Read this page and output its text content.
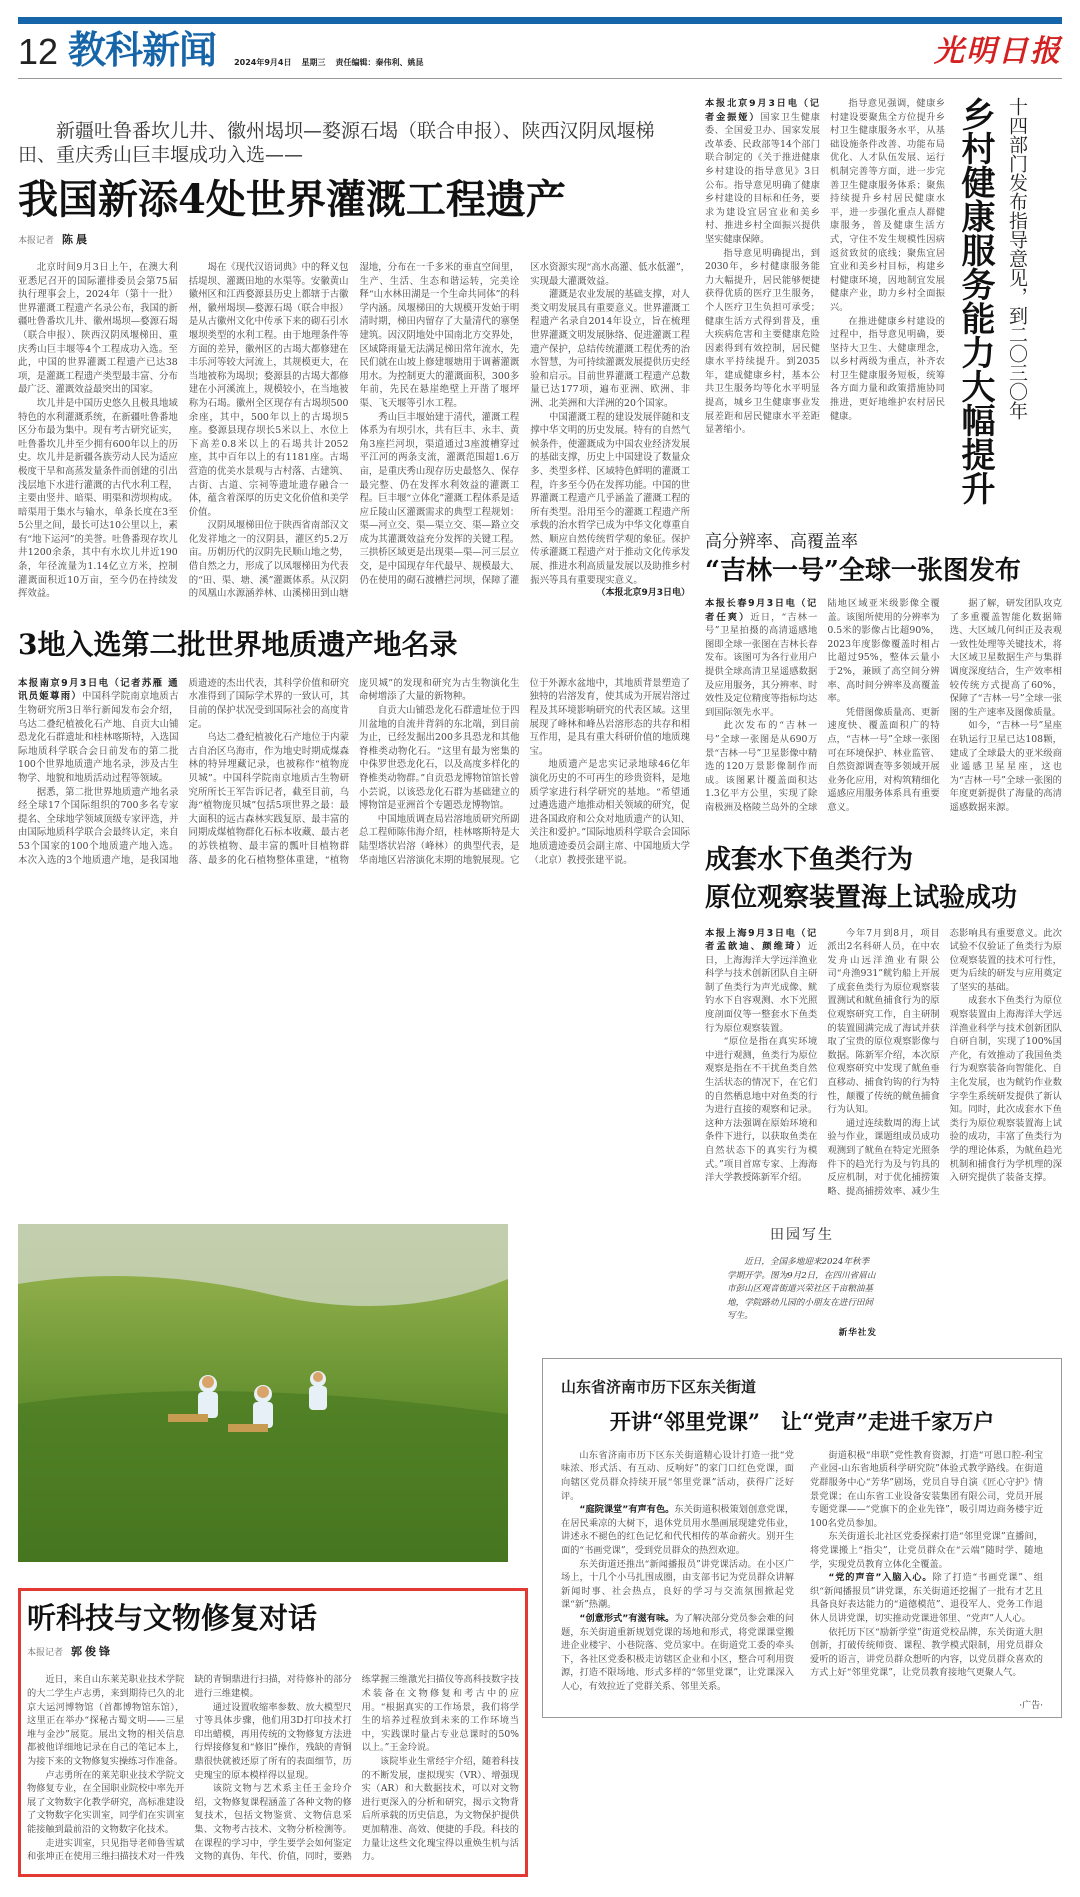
12 教科新闻 2024年9月4日 星期三 责任编辑：秦伟利、姚昆	光明日报
新疆吐鲁番坎儿井、徽州堨坝—婺源石堨（联合申报）、陕西汉阴凤堰梯田、重庆秀山巨丰堰成功入选——
我国新添4处世界灌溉工程遗产
本报记者 陈晨

北京时间9月3日上午，在澳大利亚悉尼召开的国际灌排委员会第75届执行理事会上，2024年（第十一批）世界灌溉工程遗产名录公布，我国的新疆吐鲁番坎儿井、徽州堨坝—婺源石堨（联合申报）、陕西汉阴凤堰梯田、重庆秀山巨丰堰等4个工程成功入选。至此，中国的世界灌溉工程遗产已达38项，是灌溉工程遗产类型最丰富、分布最广泛、灌溉效益最突出的国家。

坎儿井是中国历史悠久且极具地域特色的水利灌溉系统，在新疆吐鲁番地区分布最为集中。现有考古研究证实，吐鲁番坎儿井至少拥有600年以上的历史。坎儿井是新疆各族劳动人民为适应极度干旱和高蒸发量条件而创建的引出浅层地下水进行灌溉的古代水利工程，主要由竖井、暗渠、明渠和涝坝构成。暗渠用于集水与输水，单条长度在3至5公里之间，最长可达10公里以上，素有“地下运河”的美誉。吐鲁番现存坎儿井1200余条，其中有水坎儿井近190条，年径流量为1.14亿立方米，控制灌溉面积近10万亩，至今仍在持续发挥效益。

堨在《现代汉语词典》中的释义包括堤坝、灌溉田地的水渠等。安徽黄山徽州区和江西婺源县历史上都辖于古徽州，徽州堨坝—婺源石堨（联合申报）是从古徽州文化中传承下来的砌石引水堰坝类型的水利工程。由于地理条件等方面的差异，徽州区的古堨大都修建在丰乐河等较大河流上，其规模更大，在当地被称为堨坝；婺源县的古堨大都修建在小河溪流上，规模较小，在当地被称为石堨。徽州全区现存有古堨坝500余座，其中，500年以上的古堨坝5座。婺源县现存坝长5米以上、水位上下高差0.8米以上的石堨共计2052座，其中百年以上的有1181座。古堨营造的优美水景观与古村落、古建筑、古街、古道、宗祠等遗址遗存融合一体，蕴含着深厚的历史文化价值和美学价值。

汉阴凤堰梯田位于陕西省南部汉文化发祥地之一的汉阴县，灌区约5.2万亩。历朝历代的汉阴先民顺山地之势，借自然之力，形成了以凤堰梯田为代表的“田、渠、塘、溪”灌溉体系。从汉阴的凤凰山水源涵养林、山溪梯田到山塘湿地，分布在一千多米的垂直空间里，生产、生活、生态和谐运转，完美诠释“山水林田湖是一个生命共同体”的科学内涵。凤堰梯田的大规模开发始于明清时期，梯田内留存了大量清代的寨堡建筑。因汉阴地处中国南北方交界处，区域降雨量无法满足梯田常年流水，先民们就在山坡上修建堰塘用于调蓄灌溉用水。为控制更大的灌溉面积，300多年前，先民在悬崖绝壁上开凿了堰坪渠、飞天堰等引水工程。

秀山巨丰堰始建于清代，灌溉工程体系为有坝引水，共有巨丰、永丰、黄角3座拦河坝，渠道通过3座渡槽穿过平江河的两条支流，灌溉范围超1.6万亩，是重庆秀山现存历史最悠久、保存最完整、仍在发挥水利效益的灌溉工程。巨丰堰“立体化”灌溉工程体系是适应丘陵山区灌溉需求的典型工程规划：渠—河立交、渠—渠立交、渠—路立交成为其灌溉效益充分发挥的关键工程。三拱桥区域更是出现渠—渠—河三层立交，是中国现存年代最早、规模最大、仍在使用的砌石渡槽拦河坝，保障了灌区水资源实现“高水高灌、低水低灌”，实现最大灌溉效益。

灌溉是农业发展的基础支撑，对人类文明发展具有重要意义。世界灌溉工程遗产名录自2014年设立，旨在梳理世界灌溉文明发展脉络、促进灌溉工程遗产保护，总结传统灌溉工程优秀的治水智慧，为可持续灌溉发展提供历史经验和启示。目前世界灌溉工程遗产总数量已达177项，遍布亚洲、欧洲、非洲、北美洲和大洋洲的20个国家。

中国灌溉工程的建设发展伴随和支撑中华文明的历史发展。特有的自然气候条件，使灌溉成为中国农业经济发展的基础支撑，历史上中国建设了数量众多、类型多样、区域特色鲜明的灌溉工程，许多至今仍在发挥功能。中国的世界灌溉工程遗产几乎涵盖了灌溉工程的所有类型。沿用至今的灌溉工程遗产所承载的治水哲学已成为中华文化尊重自然、顺应自然传统哲学观的象征。保护传承灌溉工程遗产对于推动文化传承发展、推进水利高质量发展以及助推乡村振兴等具有重要现实意义。

（本报北京9月3日电）

3地入选第二批世界地质遗产地名录

本报南京9月3日电（记者苏雁 通讯员姬尊雨）中国科学院南京地质古生物研究所3日举行新闻发布会介绍，乌达二叠纪植被化石产地、自贡大山铺恐龙化石群遗址和桂林喀斯特，入选国际地质科学联合会日前发布的第二批100个世界地质遗产地名录，涉及古生物学、地貌和地质活动过程等领域。

据悉，第二批世界地质遗产地名录经全球17个国际组织的700多名专家提名、全球地学领域顶级专家评选，并由国际地质科学联合会最终认定，来自53个国家的100个地质遗产地入选。本次入选的3个地质遗产地，是我国地质遗迹的杰出代表，其科学价值和研究水准得到了国际学术界的一致认可，其目前的保护状况受到国际社会的高度肯定。

乌达二叠纪植被化石产地位于内蒙古自治区乌海市，作为地史时期成煤森林的特异埋藏记录，也被称作“植物庞贝城”。中国科学院南京地质古生物研究所所长王军告诉记者，截至目前，乌海“植物庞贝城”包括5项世界之最：最大面积的远古森林实践复原、最丰富的同期成煤植物群化石标本收藏、最古老的苏铁植物、最丰富的瓢叶目植物群落、最多的化石植物整体重建，“植物庞贝城”的发现和研究为古生物演化生命树增添了大量的新物种。

自贡大山铺恐龙化石群遗址位于四川盆地的自流井背斜的东北端，到目前为止，已经发掘出200多具恐龙和其他脊椎类动物化石。“这里有最为密集的中侏罗世恐龙化石，以及高度多样化的脊椎类动物群。”自贡恐龙博物馆馆长曾小芸说，以该恐龙化石群为基础建立的博物馆是亚洲首个专题恐龙博物馆。

中国地质调查局岩溶地质研究所副总工程师陈伟海介绍，桂林喀斯特是大陆型塔状岩溶（峰林）的典型代表，是华南地区岩溶演化末期的地貌展现。它位于外源水盆地中，其地质背景塑造了独特的岩溶发育，使其成为开展岩溶过程及其环境影响研究的代表区域。这里展现了峰林和峰丛岩溶形态的共存和相互作用，是具有重大科研价值的地质瑰宝。

地质遗产是忠实记录地球46亿年演化历史的不可再生的珍贵资料，是地质学家进行科学研究的基地。“希望通过遴选遗产地推动相关领域的研究，促进各国政府和公众对地质遗产的认知、关注和爱护。”国际地质科学联合会国际地质遗迹委员会副主席、中国地质大学（北京）教授张建平说。

本报北京9月3日电（记者金振娅）国家卫生健康委、全国爱卫办、国家发展改革委、民政部等14个部门联合制定的《关于推进健康乡村建设的指导意见》3日公布。指导意见明确了健康乡村建设的目标和任务，要求为建设宜居宜业和美乡村、推进乡村全面振兴提供坚实健康保障。

指导意见明确提出，到2030年，乡村健康服务能力大幅提升，居民能够便捷获得优质的医疗卫生服务，个人医疗卫生负担可承受；健康生活方式得到普及，重大疾病危害和主要健康危险因素得到有效控制，居民健康水平持续提升。到2035年，建成健康乡村，基本公共卫生服务均等化水平明显提高，城乡卫生健康事业发展差距和居民健康水平差距显著缩小。

指导意见强调，健康乡村建设要聚焦全方位提升乡村卫生健康服务水平，从基础设施条件改善、功能布局优化、人才队伍发展、运行机制完善等方面，进一步完善卫生健康服务体系；聚焦持续提升乡村居民健康水平，进一步强化重点人群健康服务，普及健康生活方式，守住不发生规模性因病返贫致贫的底线；聚焦宜居宜业和美乡村目标，构建乡村健康环境，因地制宜发展健康产业，助力乡村全面振兴。

在推进健康乡村建设的过程中，指导意见明确，要坚持大卫生、大健康理念，以乡村两级为重点，补齐农村卫生健康服务短板，统筹各方面力量和政策措施协同推进，更好地维护农村居民健康。	乡村健康服务能力大幅提升 十四部门发布指导意见，到二〇三〇年
高分辨率、高覆盖率
“吉林一号”全球一张图发布

本报长春9月3日电（记者任爽）近日，“吉林一号”卫星拍摄的高清遥感地图即全球一张图在吉林长春发布。该图可为各行业用户提供全球高清卫星遥感数据及应用服务，其分辨率、时效性及定位精度等指标均达到国际领先水平。

此次发布的“吉林一号”全球一张图是从690万景“吉林一号”卫星影像中精选的120万景影像制作而成。该图累计覆盖面积达1.3亿平方公里，实现了除南极洲及格陵兰岛外的全球陆地区域亚米级影像全覆盖。该图所使用的分辨率为0.5米的影像占比超90%，2023年度影像覆盖时相占比超过95%，整体云量小于2%，兼顾了高空间分辨率、高时间分辨率及高覆盖率。

凭借图像质量高、更新速度快、覆盖面积广的特点，“吉林一号”全球一张图可在环境保护、林业监管、自然资源调查等多领域开展业务化应用，对构筑精细化遥感应用服务体系具有重要意义。

据了解，研发团队攻克了多重覆盖智能化数据筛选、大区域几何纠正及表观一致性处理等关键技术，将大区域卫星数据生产与集群调度深度结合，生产效率相较传统方式提高了60%，保障了“吉林一号”全球一张图的生产速率及图像质量。

如今，“吉林一号”星座在轨运行卫星已达108颗，建成了全球最大的亚米级商业遥感卫星星座，这也为“吉林一号”全球一张图的年度更新提供了海量的高清遥感数据来源。

成套水下鱼类行为
原位观察装置海上试验成功

本报上海9月3日电（记者孟歆迪、颜维琦）近日，上海海洋大学远洋渔业科学与技术创新团队自主研制了鱼类行为声光成像、鱿钓水下自容观测、水下光照度剖面仪等一整套水下鱼类行为原位观察装置。

“原位是指在真实环境中进行观测，鱼类行为原位观察是指在不干扰鱼类自然生活状态的情况下，在它们的自然栖息地中对鱼类的行为进行直接的观察和记录。这种方法强调在原始环境和条件下进行，以获取鱼类在自然状态下的真实行为模式。”项目首席专家、上海海洋大学教授陈新军介绍。

今年7月到8月，项目派出2名科研人员，在中农发舟山远洋渔业有限公司“舟渔931”鱿钓船上开展了成套鱼类行为原位观察装置测试和鱿鱼捕食行为的原位观察研究工作，自主研制的装置圆满完成了海试并获取了宝贵的原位观察影像与数据。陈新军介绍，本次原位观察研究中发现了鱿鱼垂直移动、捕食钓钩的行为特性，颠覆了传统的鱿鱼捕食行为认知。

通过连续数周的海上试验与作业，课题组成员成功观测到了鱿鱼在特定光照条件下的趋光行为及与钓具的反应机制，对于优化捕捞策略、提高捕捞效率、减少生态影响具有重要意义。此次试验不仅验证了鱼类行为原位观察装置的技术可行性，更为后续的研发与应用奠定了坚实的基础。

成套水下鱼类行为原位观察装置由上海海洋大学远洋渔业科学与技术创新团队自研自制，实现了100%国产化，有效推动了我国鱼类行为观察装备向智能化、自主化发展，也为鱿钓作业数字孪生系统研发提供了新认知。同时，此次成套水下鱼类行为原位观察装置海上试验的成功，丰富了鱼类行为学的理论体系，为鱿鱼趋光机制和捕食行为学机理的深入研究提供了装备支撑。

听科技与文物修复对话
本报记者 郭俊锋

近日，来自山东莱芜职业技术学院的大二学生卢志勇，来到期待已久的北京大运河博物馆（首都博物馆东馆），这里正在举办“探秘古蜀文明——三星堆与金沙”展览。展出文物的相关信息都被他详细地记录在自己的笔记本上，为接下来的文物修复实操练习作准备。

卢志勇所在的莱芜职业技术学院文物修复专业，在全国职业院校中率先开展了文物数字化教学研究，高标准建设了文物数字化实训室，同学们在实训室能接触到最前沿的文物数字化技术。

走进实训室，只见指导老师鲁雪斌和张坤正在使用三维扫描技术对一件残缺的青铜鼎进行扫描，对待修补的部分进行三维建模。

通过设置收缩率参数、放大模型尺寸等具体步骤，他们用3D打印技术打印出蜡模，再用传统的文物修复方法进行焊接修复和“修旧”操作，残缺的青铜鼎很快就被还原了所有的表面细节，历史瑰宝的原本模样得以显现。

该院文物与艺术系主任王金玲介绍，文物修复课程涵盖了各种文物的修复技术，包括文物鉴赏、文物信息采集、文物考古技术、文物分析检测等。在课程的学习中，学生要学会如何鉴定文物的真伪、年代、价值，同时，要熟练掌握三维激光扫描仪等高科技数字技术装备在文物修复和考古中的应用。“根据真实的工作场景，我们将学生的培养过程放到未来的工作环境当中，实践课时量占专业总课时的50%以上。”王金玲说。

该院毕业生常经宇介绍，随着科技的不断发展，虚拟现实（VR）、增强现实（AR）和大数据技术，可以对文物进行更深入的分析和研究，揭示文物背后所承载的历史信息，为文物保护提供更加精准、高效、便捷的手段。科技的力量让这些文化瑰宝得以重焕生机与活力。

田园写生
近日，全国多地迎来2024年秋季学期开学。图为9月2日，在四川省眉山市彭山区观音街道兴荣社区千亩粮油基地，学院路幼儿园的小朋友在进行田间写生。
新华社发
山东省济南市历下区东关街道
开讲“邻里党课”　让“党声”走进千家万户

山东省济南市历下区东关街道精心设计打造一批“党味浓、形式活、有互动、反响好”的家门口红色党课，面向辖区党员群众持续开展“邻里党课”活动，获得广泛好评。

“庭院课堂”有声有色。东关街道积极策划创意党课，在居民乘凉的大树下，退休党员用水墨画展现建党伟业，讲述永不褪色的红色记忆和代代相传的革命薪火。别开生面的“书画党课”，受到党员群众的热烈欢迎。

东关街道还推出“新闻播报员”讲党课活动。在小区广场上，十几个小马扎围成圈，由支部书记为党员群众讲解新闻时事、社会热点，良好的学习与交流氛围掀起党课“新”热潮。

“创意形式”有滋有味。为了解决部分党员参会难的问题，东关街道重新规划党课的场地和形式，将党课课堂搬进企业楼宇、小巷院落、党员家中。在街道党工委的牵头下，各社区党委积极走访辖区企业和小区，整合可利用资源，打造不限场地、形式多样的“邻里党课”，让党课深入人心，有效拉近了党群关系、邻里关系。

街道积极“串联”党性教育资源，打造“可恩口腔-利宝产业园-山东省地质科学研究院”体验式教学路线。在街道党群服务中心“芳华”剧场，党员自导自演《匠心守护》情景党课；在山东省工业设备安装集团有限公司，党员开展专题党课——“党旗下的企业先锋”，吸引周边商务楼宇近100名党员参加。

东关街道长北社区党委探索打造“邻里党课”直播间，将党课搬上“指尖”，让党员群众在“云端”随时学、随地学，实现党员教育立体化全覆盖。

“党的声音”入脑入心。除了打造“书画党课”、组织“新闻播报员”讲党课，东关街道还挖掘了一批有才艺且具备良好表达能力的“道德模范”、退役军人、党务工作退休人员讲党课，切实推动党课进邻里、“党声”人人心。

依托历下区“励新学堂”街道党校品牌，东关街道大胆创新，打破传统师资、课程、教学模式限制，用党员群众爱听的语言，讲党员群众想听的内容，以党员群众喜欢的方式上好“邻里党课”，让党员教育接地气更聚人气。

·广告·
